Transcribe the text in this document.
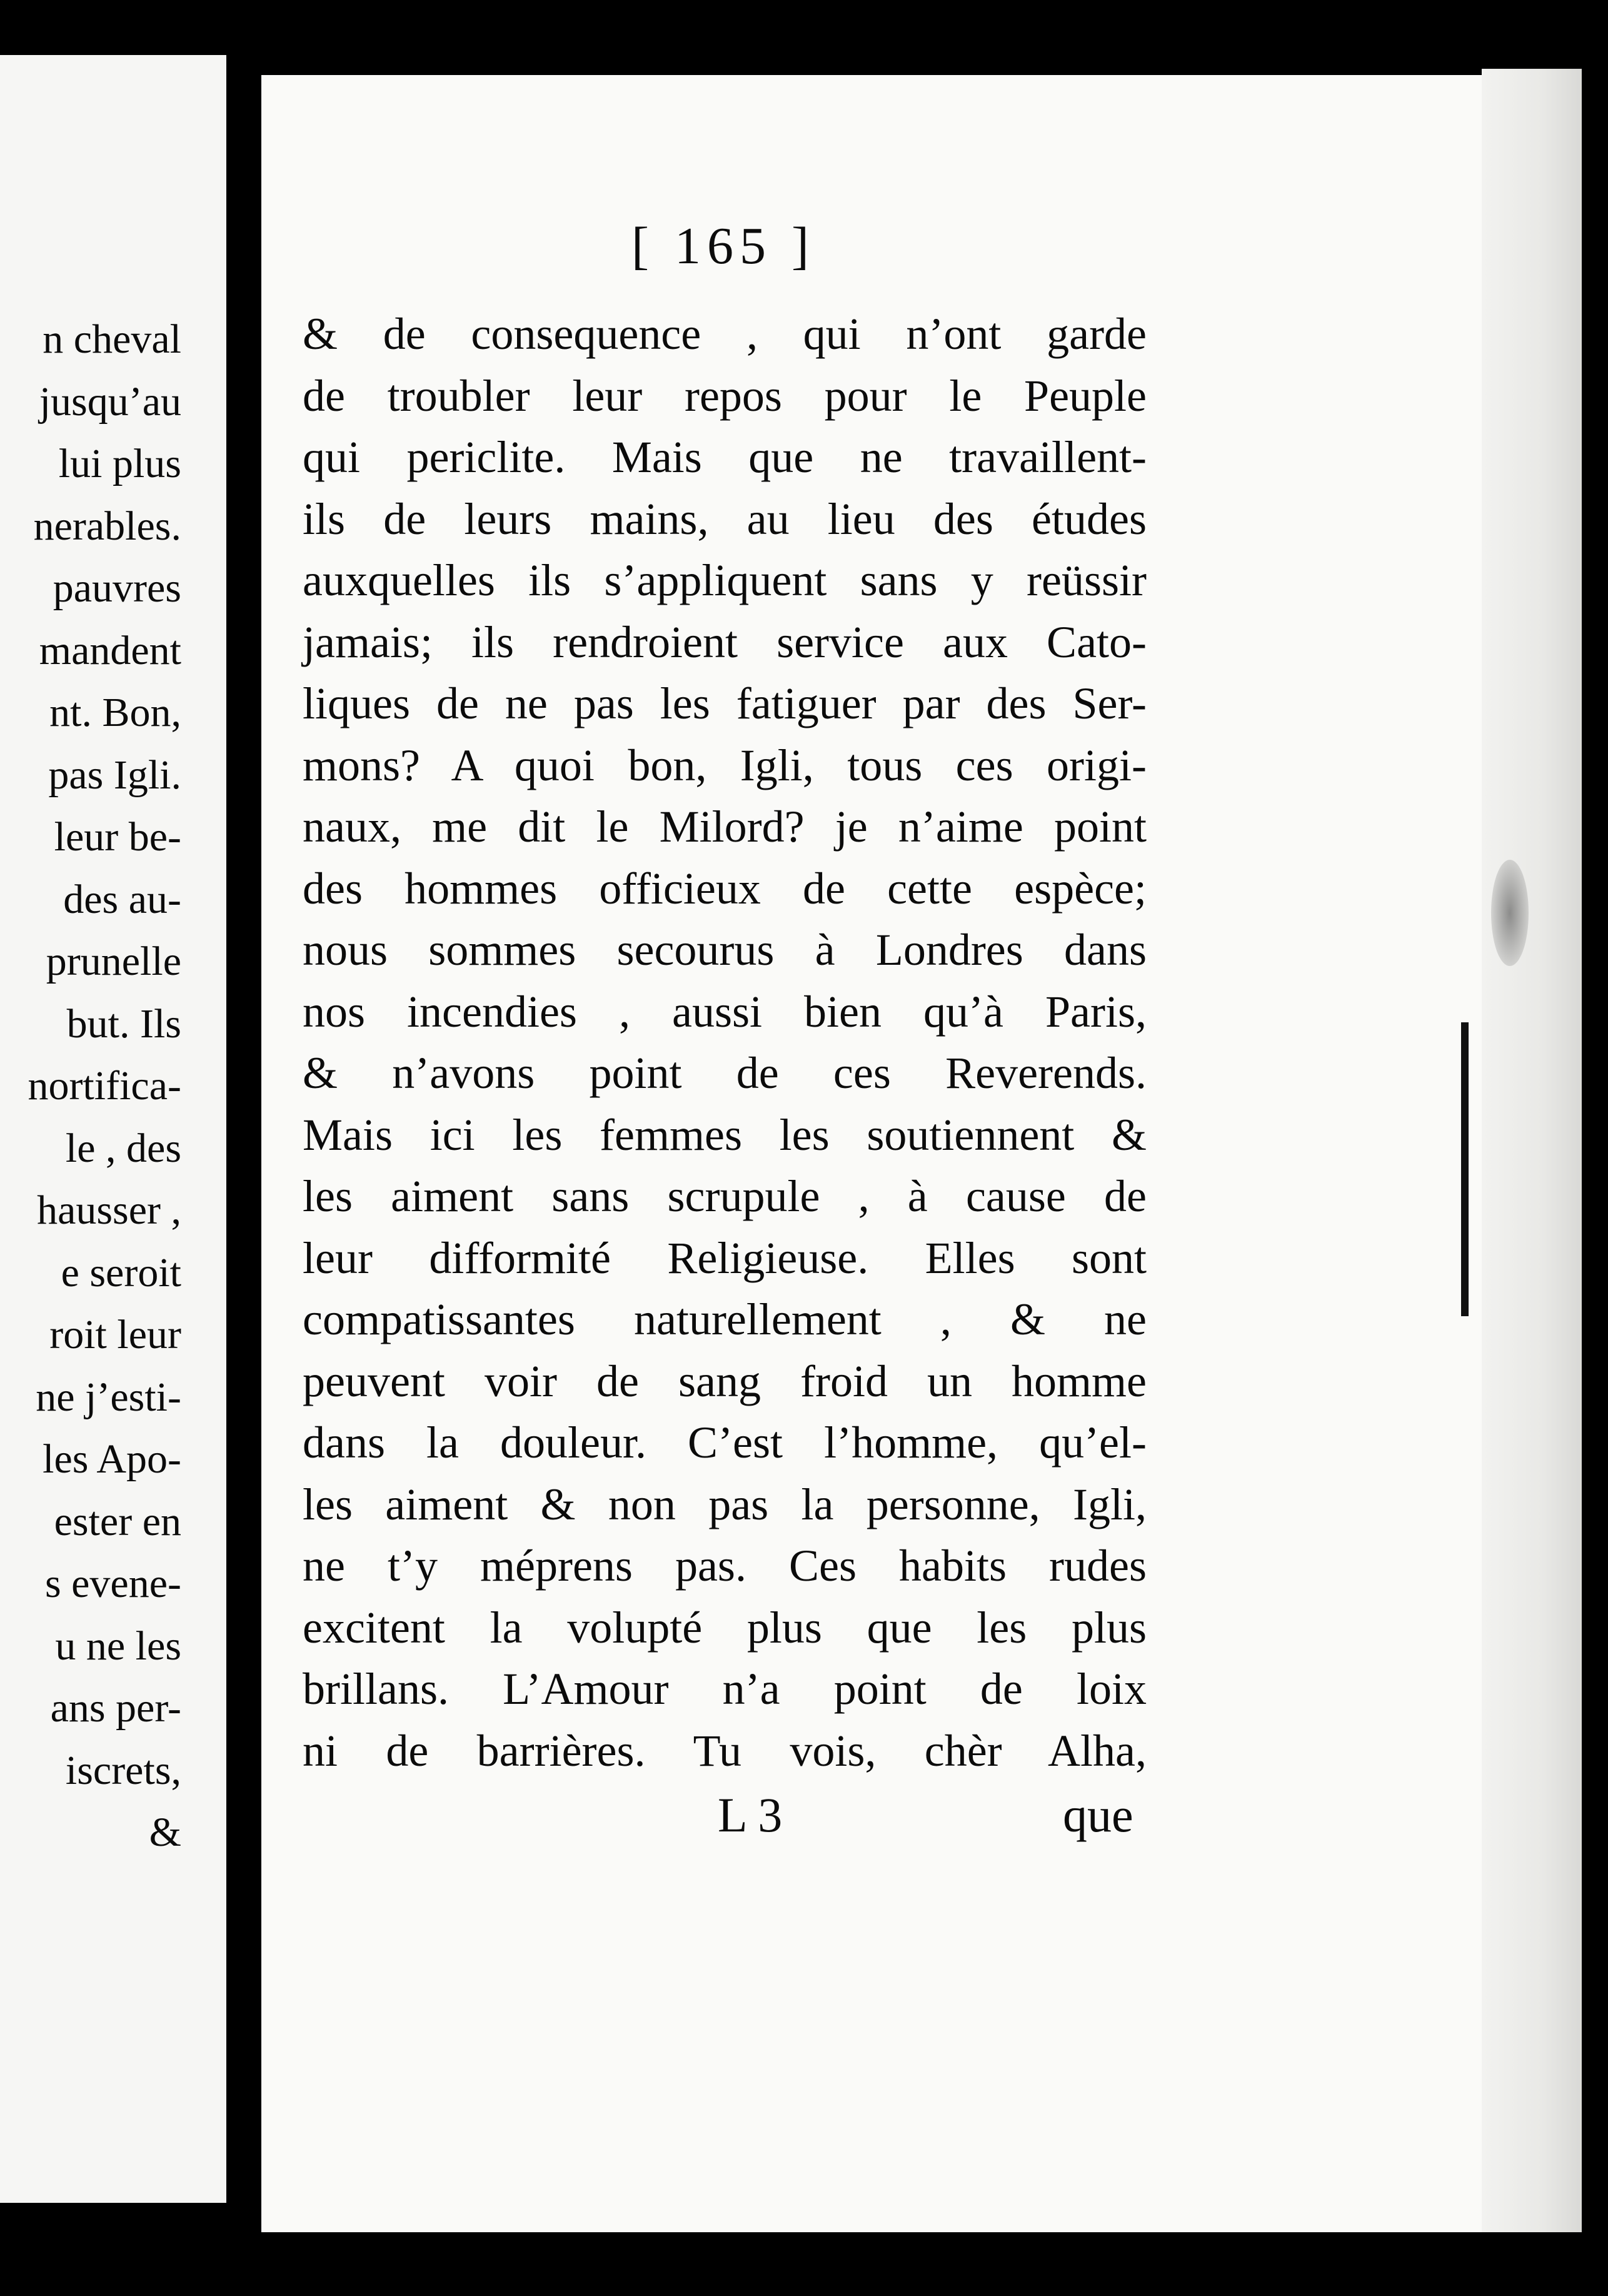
n cheval
jusqu’au
lui plus
nerables.
pauvres
mandent
nt. Bon,
pas Igli.
leur be-
des au-
prunelle
but. Ils
nortifica-
le , des
hausser ,
e seroit
roit leur
ne j’esti-
les Apo-
ester en
s evene-
u ne les
ans per-
iscrets,
&
[ 165 ]
& de consequence , qui n’ont garde
de troubler leur repos pour le Peuple
qui periclite. Mais que ne travaillent-
ils de leurs mains, au lieu des études
auxquelles ils s’appliquent sans y reüssir
jamais; ils rendroient service aux Cato-
liques de ne pas les fatiguer par des Ser-
mons? A quoi bon, Igli, tous ces origi-
naux, me dit le Milord? je n’aime point
des hommes officieux de cette espèce;
nous sommes secourus à Londres dans
nos incendies , aussi bien qu’à Paris,
& n’avons point de ces Reverends.
Mais ici les femmes les soutiennent &
les aiment sans scrupule , à cause de
leur difformité Religieuse. Elles sont
compatissantes naturellement , & ne
peuvent voir de sang froid un homme
dans la douleur. C’est l’homme, qu’el-
les aiment & non pas la personne, Igli,
ne t’y méprens pas. Ces habits rudes
excitent la volupté plus que les plus
brillans. L’Amour n’a point de loix
ni de barrières. Tu vois, chèr Alha,
L 3	que
